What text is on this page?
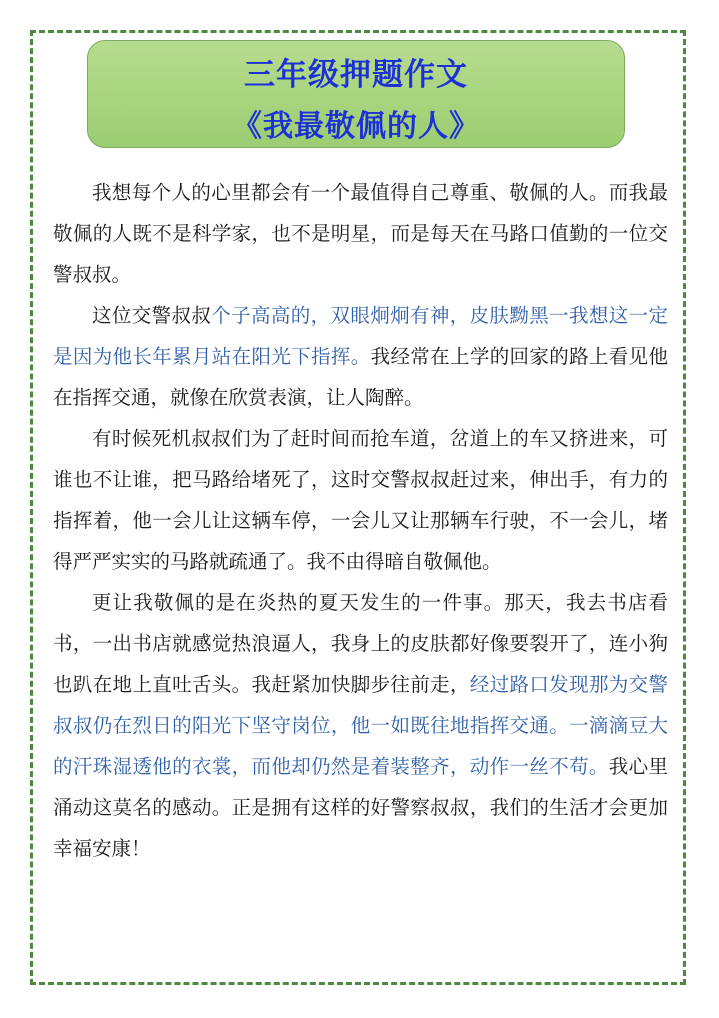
三年级押题作文
《我最敬佩的人》

我想每个人的心里都会有一个最值得自己尊重、敬佩的人。而我最敬佩的人既不是科学家，也不是明星，而是每天在马路口值勤的一位交警叔叔。

这位交警叔叔个子高高的，双眼炯炯有神，皮肤黝黑一我想这一定是因为他长年累月站在阳光下指挥。我经常在上学的回家的路上看见他在指挥交通，就像在欣赏表演，让人陶醉。

有时候死机叔叔们为了赶时间而抢车道，岔道上的车又挤进来，可谁也不让谁，把马路给堵死了，这时交警叔叔赶过来，伸出手，有力的指挥着，他一会儿让这辆车停，一会儿又让那辆车行驶，不一会儿，堵得严严实实的马路就疏通了。我不由得暗自敬佩他。

更让我敬佩的是在炎热的夏天发生的一件事。那天，我去书店看书，一出书店就感觉热浪逼人，我身上的皮肤都好像要裂开了，连小狗也趴在地上直吐舌头。我赶紧加快脚步往前走，经过路口发现那为交警叔叔仍在烈日的阳光下坚守岗位，他一如既往地指挥交通。一滴滴豆大的汗珠湿透他的衣裳，而他却仍然是着装整齐，动作一丝不苟。我心里涌动这莫名的感动。正是拥有这样的好警察叔叔，我们的生活才会更加幸福安康！
